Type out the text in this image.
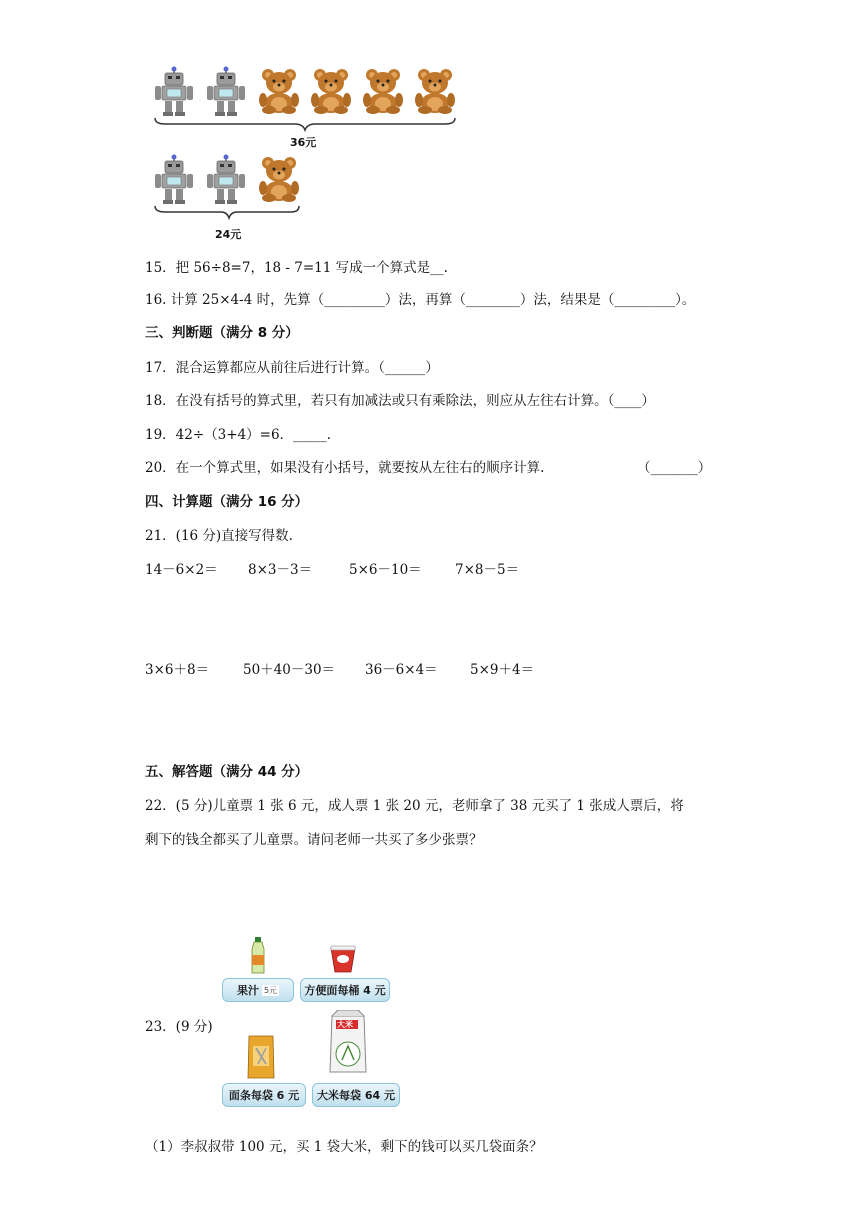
36元
24元
15．把 56÷8=7，18 - 7=11 写成一个算式是__.
16. 计算 25×4-4 时，先算（_________）法，再算（________）法，结果是（_________）。
三、判断题（满分 8 分）
17．混合运算都应从前往后进行计算。（______）
18．在没有括号的算式里，若只有加减法或只有乘除法，则应从左往右计算。（____）
19．42÷（3+4）=6．_____.
20．在一个算式里，如果没有小括号，就要按从左往右的顺序计算.	（_______）
四、计算题（满分 16 分）
21．(16 分)直接写得数.
14－6×2＝ 8×3－3＝	5×6－10＝ 7×8－5＝
3×6＋8＝	50＋40－30＝ 36－6×4＝ 5×9＋4＝
五、解答题（满分 44 分）
22．(5 分)儿童票 1 张 6 元，成人票 1 张 20 元，老师拿了 38 元买了 1 张成人票后，将
剩下的钱全都买了儿童票。请问老师一共买了多少张票？
果汁 5元	方便面每桶 4 元
23．(9 分)
面条每袋 6 元
大米
大米每袋 64 元
（1）李叔叔带 100 元，买 1 袋大米，剩下的钱可以买几袋面条？
